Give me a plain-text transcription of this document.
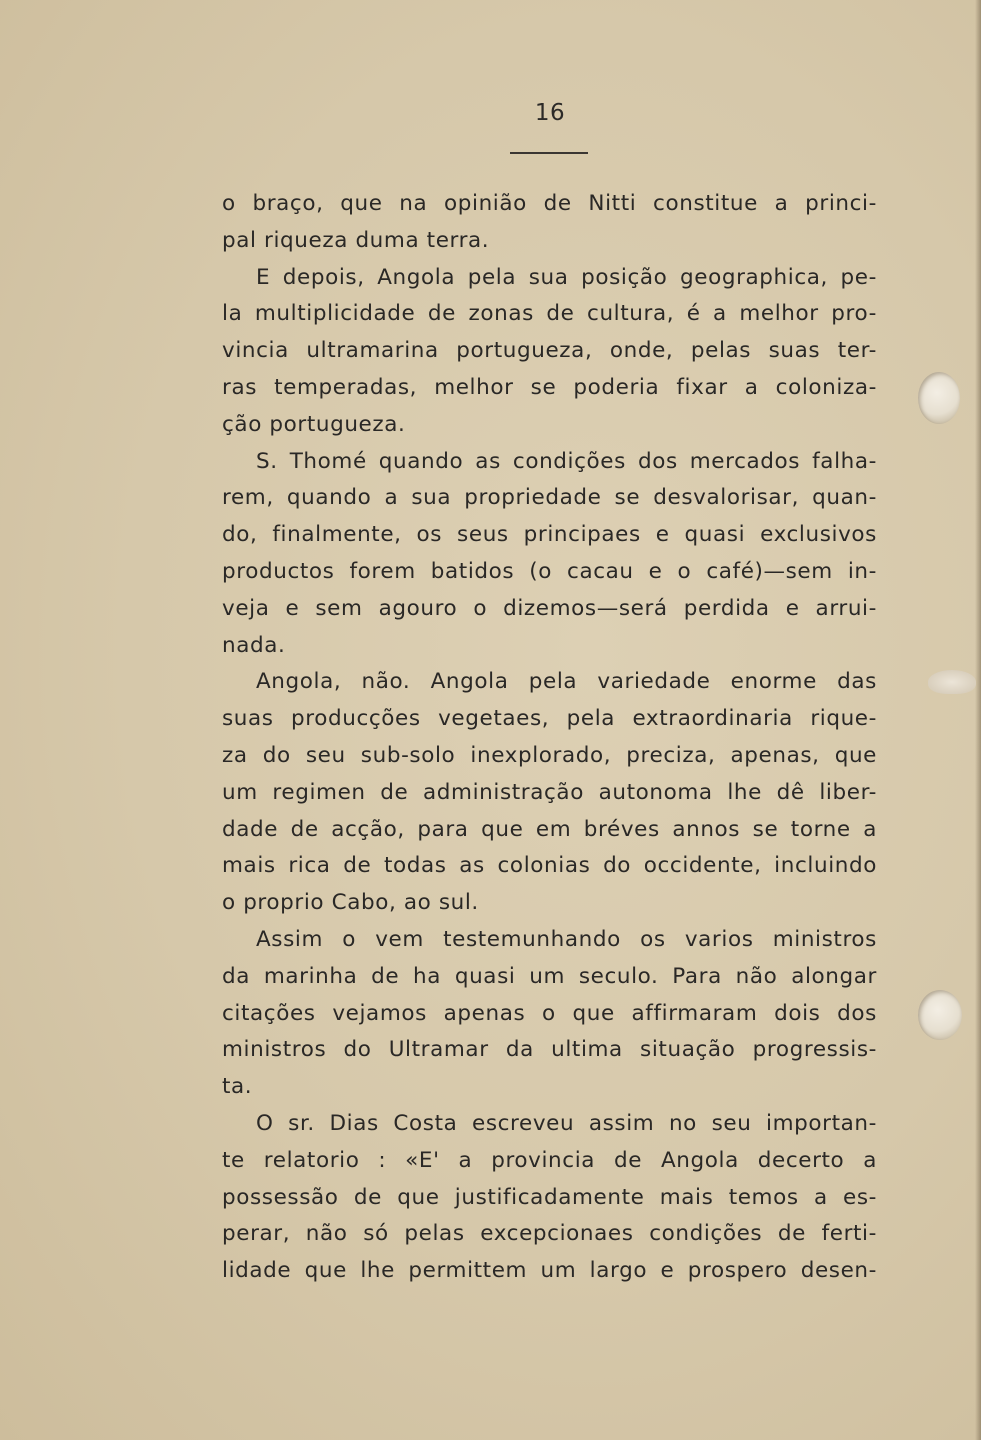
16
o braço, que na opinião de Nitti constitue a princi-
pal riqueza duma terra.
E depois, Angola pela sua posição geographica, pe-
la multiplicidade de zonas de cultura, é a melhor pro-
vincia ultramarina portugueza, onde, pelas suas ter-
ras temperadas, melhor se poderia fixar a coloniza-
ção portugueza.
S. Thomé quando as condições dos mercados falha-
rem, quando a sua propriedade se desvalorisar, quan-
do, finalmente, os seus principaes e quasi exclusivos
productos forem batidos (o cacau e o café)—sem in-
veja e sem agouro o dizemos—será perdida e arrui-
nada.
Angola, não. Angola pela variedade enorme das
suas producções vegetaes, pela extraordinaria rique-
za do seu sub-solo inexplorado, preciza, apenas, que
um regimen de administração autonoma lhe dê liber-
dade de acção, para que em bréves annos se torne a
mais rica de todas as colonias do occidente, incluindo
o proprio Cabo, ao sul.
Assim o vem testemunhando os varios ministros
da marinha de ha quasi um seculo. Para não alongar
citações vejamos apenas o que affirmaram dois dos
ministros do Ultramar da ultima situação progressis-
ta.
O sr. Dias Costa escreveu assim no seu importan-
te relatorio : «E' a provincia de Angola decerto a
possessão de que justificadamente mais temos a es-
perar, não só pelas excepcionaes condições de ferti-
lidade que lhe permittem um largo e prospero desen-
